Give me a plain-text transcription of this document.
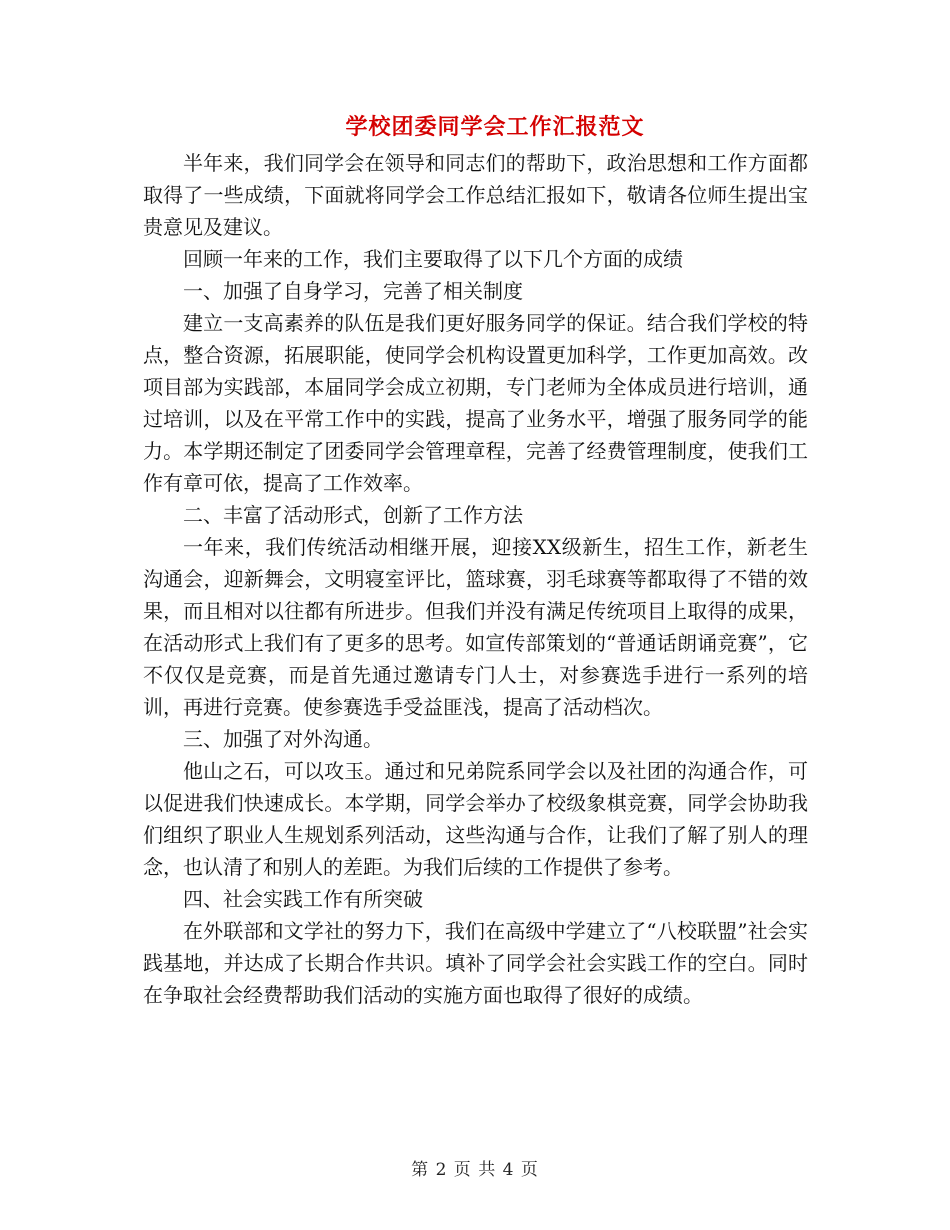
学校团委同学会工作汇报范文

半年来，我们同学会在领导和同志们的帮助下，政治思想和工作方面都取得了一些成绩，下面就将同学会工作总结汇报如下，敬请各位师生提出宝贵意见及建议。

回顾一年来的工作，我们主要取得了以下几个方面的成绩

一、加强了自身学习，完善了相关制度

建立一支高素养的队伍是我们更好服务同学的保证。结合我们学校的特点，整合资源，拓展职能，使同学会机构设置更加科学，工作更加高效。改项目部为实践部，本届同学会成立初期，专门老师为全体成员进行培训，通过培训，以及在平常工作中的实践，提高了业务水平，增强了服务同学的能力。本学期还制定了团委同学会管理章程，完善了经费管理制度，使我们工作有章可依，提高了工作效率。

二、丰富了活动形式，创新了工作方法

一年来，我们传统活动相继开展，迎接XX级新生，招生工作，新老生沟通会，迎新舞会，文明寝室评比，篮球赛，羽毛球赛等都取得了不错的效果，而且相对以往都有所进步。但我们并没有满足传统项目上取得的成果，在活动形式上我们有了更多的思考。如宣传部策划的“普通话朗诵竞赛”，它不仅仅是竞赛，而是首先通过邀请专门人士，对参赛选手进行一系列的培训，再进行竞赛。使参赛选手受益匪浅，提高了活动档次。

三、加强了对外沟通。

他山之石，可以攻玉。通过和兄弟院系同学会以及社团的沟通合作，可以促进我们快速成长。本学期，同学会举办了校级象棋竞赛，同学会协助我们组织了职业人生规划系列活动，这些沟通与合作，让我们了解了别人的理念，也认清了和别人的差距。为我们后续的工作提供了参考。

四、社会实践工作有所突破

在外联部和文学社的努力下，我们在高级中学建立了“八校联盟”社会实践基地，并达成了长期合作共识。填补了同学会社会实践工作的空白。同时在争取社会经费帮助我们活动的实施方面也取得了很好的成绩。

第 2 页 共 4 页
